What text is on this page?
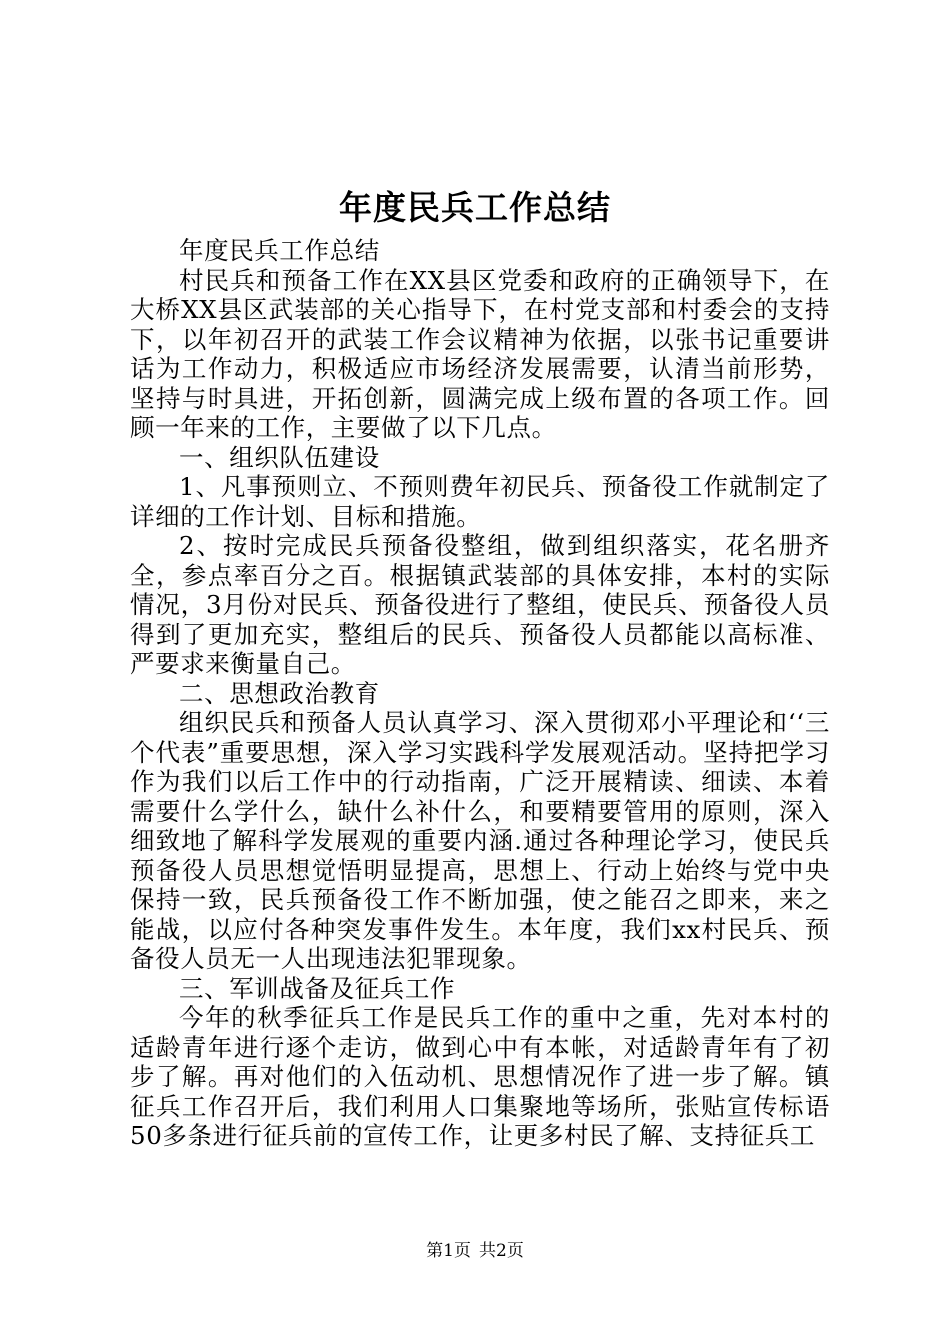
年度民兵工作总结

年度民兵工作总结

村民兵和预备工作在XX县区党委和政府的正确领导下，在大桥XX县区武装部的关心指导下，在村党支部和村委会的支持下，以年初召开的武装工作会议精神为依据，以张书记重要讲话为工作动力，积极适应市场经济发展需要，认清当前形势，坚持与时具进，开拓创新，圆满完成上级布置的各项工作。回顾一年来的工作，主要做了以下几点。

一、组织队伍建设

1、凡事预则立、不预则费年初民兵、预备役工作就制定了详细的工作计划、目标和措施。

2、按时完成民兵预备役整组，做到组织落实，花名册齐全，参点率百分之百。根据镇武装部的具体安排，本村的实际情况，3月份对民兵、预备役进行了整组，使民兵、预备役人员得到了更加充实，整组后的民兵、预备役人员都能以高标准、严要求来衡量自己。

二、思想政治教育

组织民兵和预备人员认真学习、深入贯彻邓小平理论和‘‘三个代表”重要思想，深入学习实践科学发展观活动。坚持把学习作为我们以后工作中的行动指南，广泛开展精读、细读、本着需要什么学什么，缺什么补什么，和要精要管用的原则，深入细致地了解科学发展观的重要内涵.通过各种理论学习，使民兵预备役人员思想觉悟明显提高，思想上、行动上始终与党中央保持一致，民兵预备役工作不断加强，使之能召之即来，来之能战，以应付各种突发事件发生。本年度，我们xx村民兵、预备役人员无一人出现违法犯罪现象。

三、军训战备及征兵工作

今年的秋季征兵工作是民兵工作的重中之重，先对本村的适龄青年进行逐个走访，做到心中有本帐，对适龄青年有了初步了解。再对他们的入伍动机、思想情况作了进一步了解。镇征兵工作召开后，我们利用人口集聚地等场所，张贴宣传标语50多条进行征兵前的宣传工作，让更多村民了解、支持征兵工

第1页 共2页
